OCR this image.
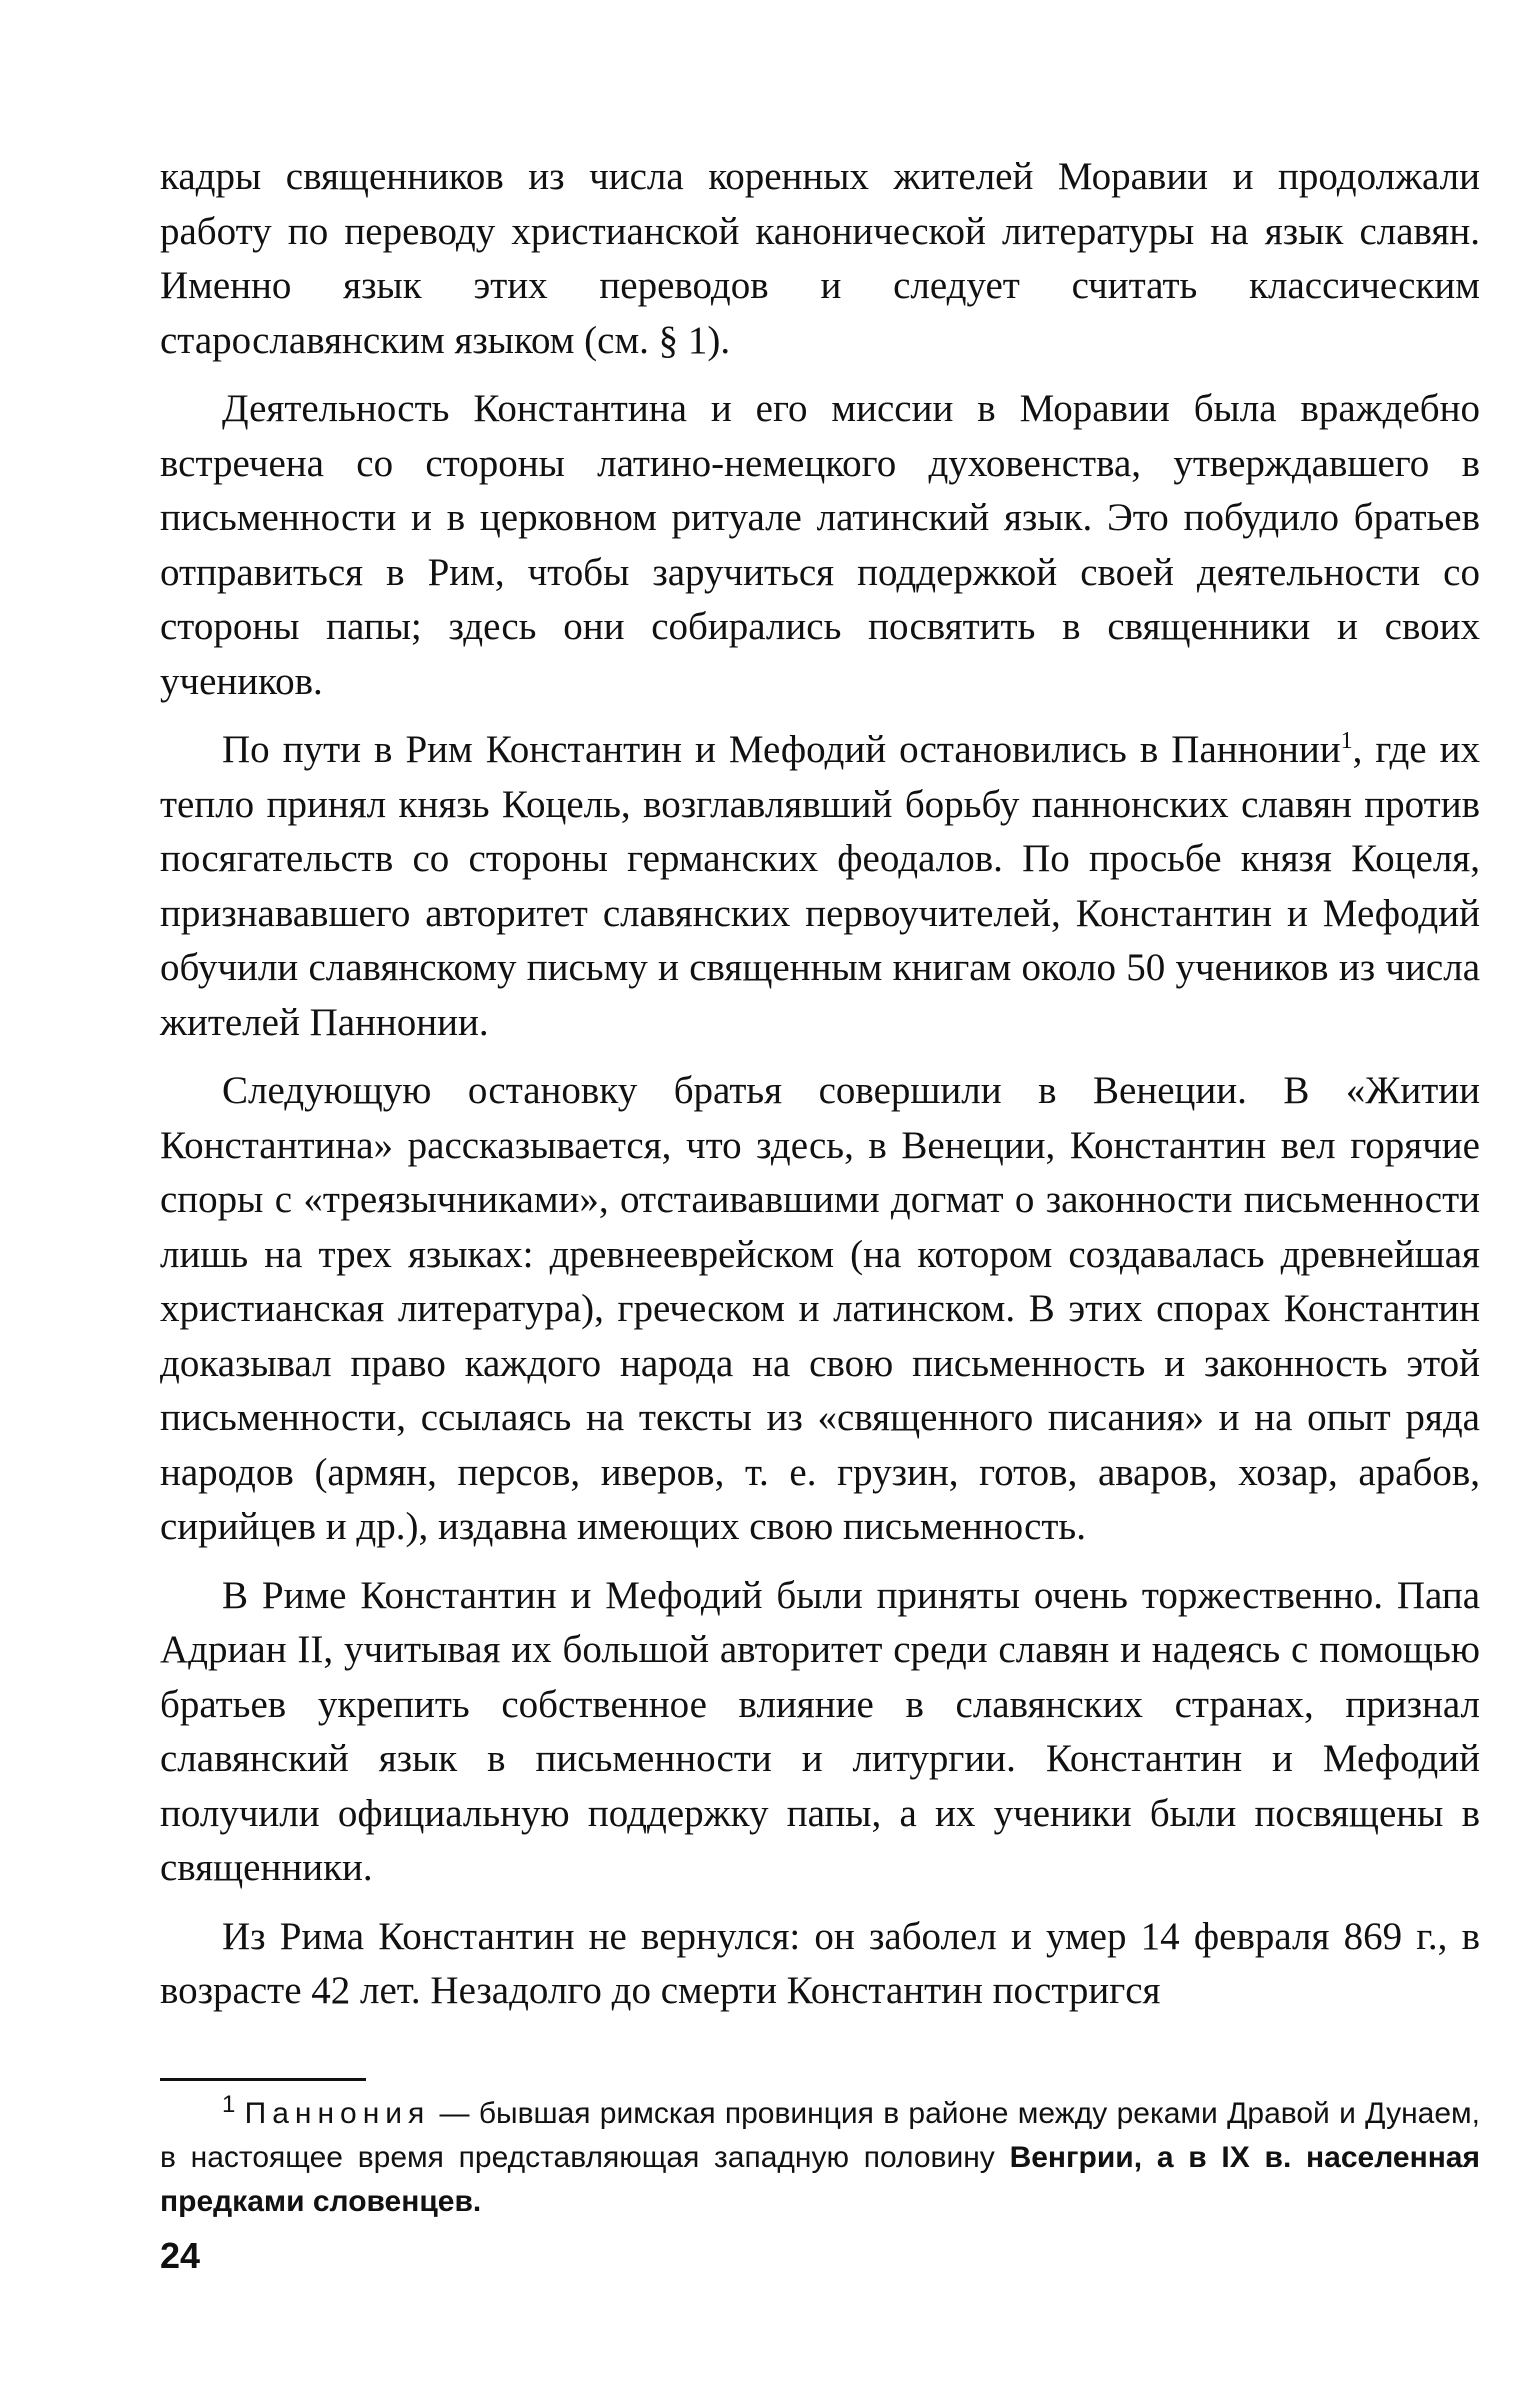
кадры священников из числа коренных жителей Моравии и продолжали работу по переводу христианской канонической литературы на язык славян. Именно язык этих переводов и следует считать классическим старославянским языком (см. § 1).

Деятельность Константина и его миссии в Моравии была враждебно встречена со стороны латино-немецкого духовенства, утверждавшего в письменности и в церковном ритуале латинский язык. Это побудило братьев отправиться в Рим, чтобы заручиться поддержкой своей деятельности со стороны папы; здесь они собирались посвятить в священники и своих учеников.

По пути в Рим Константин и Мефодий остановились в Паннонии$^1$, где их тепло принял князь Коцель, возглавлявший борьбу паннонских славян против посягательств со стороны германских феодалов. По просьбе князя Коцеля, признававшего авторитет славянских первоучителей, Константин и Мефодий обучили славянскому письму и священным книгам около 50 учеников из числа жителей Паннонии.

Следующую остановку братья совершили в Венеции. В «Житии Константина» рассказывается, что здесь, в Венеции, Константин вел горячие споры с «треязычниками», отстаивавшими догмат о законности письменности лишь на трех языках: древнееврейском (на котором создавалась древнейшая христианская литература), греческом и латинском. В этих спорах Константин доказывал право каждого народа на свою письменность и законность этой письменности, ссылаясь на тексты из «священного писания» и на опыт ряда народов (армян, персов, иверов, т. е. грузин, готов, аваров, хозар, арабов, сирийцев и др.), издавна имеющих свою письменность.

В Риме Константин и Мефодий были приняты очень торжественно. Папа Адриан II, учитывая их большой авторитет среди славян и надеясь с помощью братьев укрепить собственное влияние в славянских странах, признал славянский язык в письменности и литургии. Константин и Мефодий получили официальную поддержку папы, а их ученики были посвящены в священники.

Из Рима Константин не вернулся: он заболел и умер 14 февраля 869 г., в возрасте 42 лет. Незадолго до смерти Константин постригся

$^1$ Паннония — бывшая римская провинция в районе между реками Дравой и Дунаем, в настоящее время представляющая западную половину Венгрии, а в IX в. населенная предками словенцев.

24
